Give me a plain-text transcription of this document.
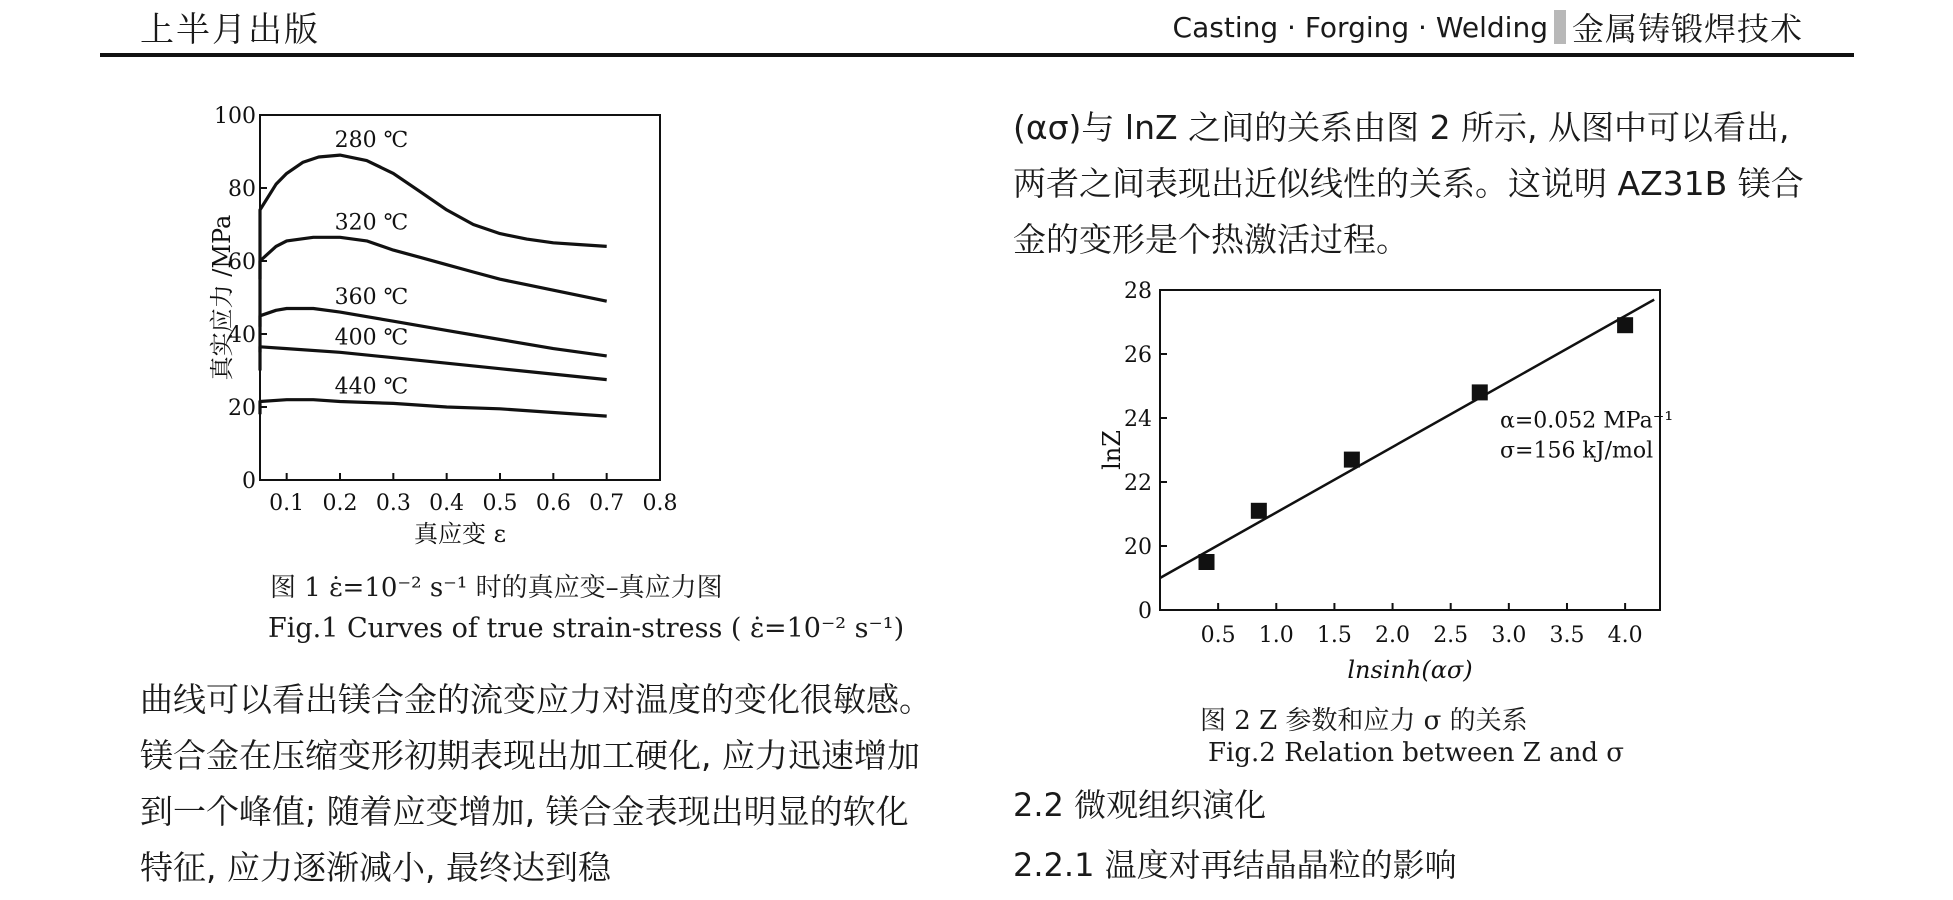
上半月出版	Casting · Forging · Welding 金属铸锻焊技术
0
20
40
60
80
100
0.1 0.2 0.3 0.4 0.5 0.6 0.7 0.8
真应变 ε
真实应力 /MPa
280 ℃
320 ℃
360 ℃
400 ℃
440 ℃
图 1 ε̇=10⁻² s⁻¹ 时的真应变–真应力图
Fig.1 Curves of true strain-stress ( ε̇=10⁻² s⁻¹)

(ασ)与 lnZ 之间的关系由图 2 所示, 从图中可以看出, 两者之间表现出近似线性的关系。这说明 AZ31B 镁合金的变形是个热激活过程。

20
22
24
26
28
0
0.5 1.0 1.5 2.0 2.5 3.0 3.5 4.0
lnsinh(ασ)
lnZ
α=0.052 MPa⁻¹
σ=156 kJ/mol
图 2 Z 参数和应力 σ 的关系
Fig.2 Relation between Z and σ
2.2 微观组织演化
2.2.1 温度对再结晶晶粒的影响

曲线可以看出镁合金的流变应力对温度的变化很敏感。镁合金在压缩变形初期表现出加工硬化, 应力迅速增加到一个峰值; 随着应变增加, 镁合金表现出明显的软化特征, 应力逐渐减小, 最终达到稳
